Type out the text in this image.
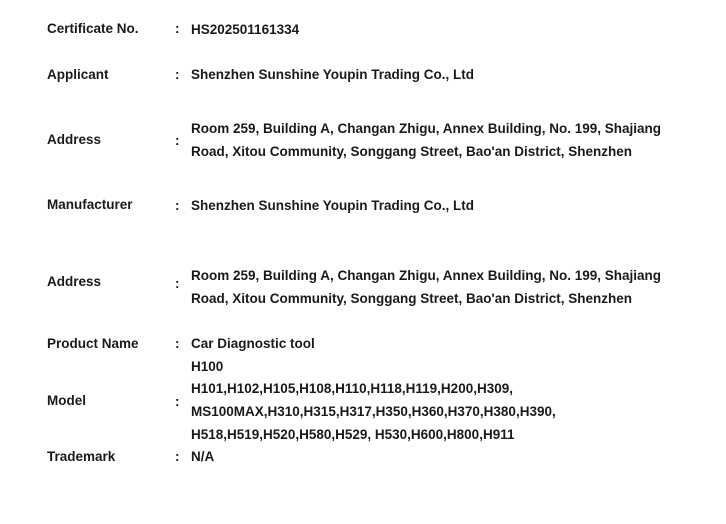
Certificate No.	: HS202501161334
Applicant	: Shenzhen Sunshine Youpin Trading Co., Ltd
Address	:
Room 259, Building A, Changan Zhigu, Annex Building, No. 199, Shajiang
Road, Xitou Community, Songgang Street, Bao'an District, Shenzhen
Manufacturer	: Shenzhen Sunshine Youpin Trading Co., Ltd
Address	:
Room 259, Building A, Changan Zhigu, Annex Building, No. 199, Shajiang
Road, Xitou Community, Songgang Street, Bao'an District, Shenzhen
Product Name	: Car Diagnostic tool
Model	:
H100
H101,H102,H105,H108,H110,H118,H119,H200,H309,
MS100MAX,H310,H315,H317,H350,H360,H370,H380,H390,
H518,H519,H520,H580,H529, H530,H600,H800,H911
Trademark	: N/A
